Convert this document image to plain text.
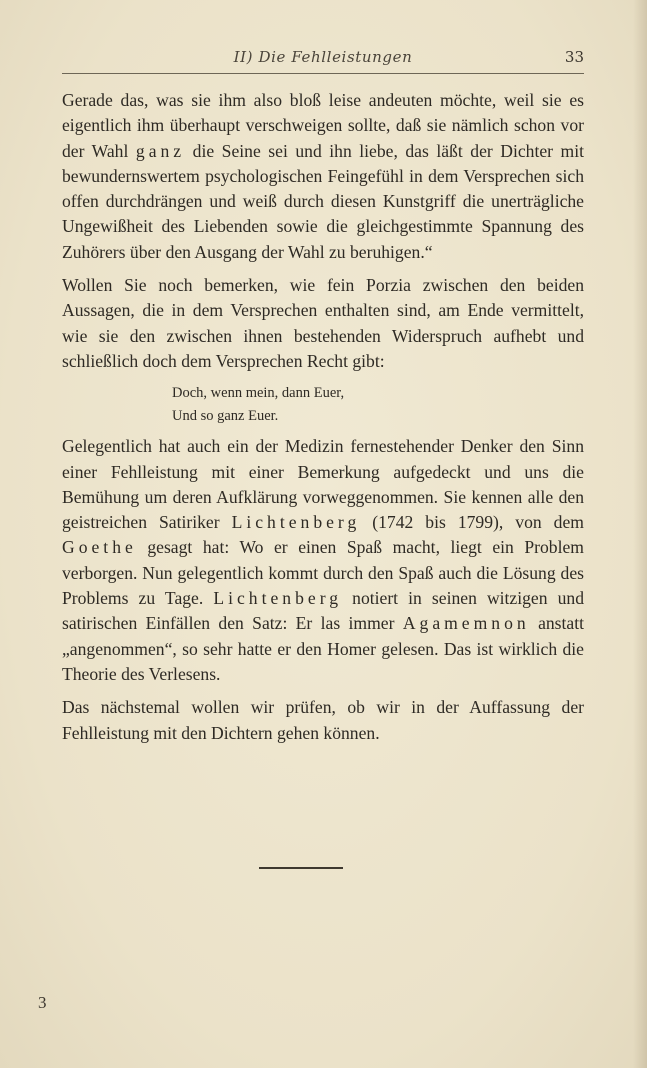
II) Die Fehlleistungen	33

Gerade das, was sie ihm also bloß leise andeuten möchte, weil sie es eigentlich ihm überhaupt verschweigen sollte, daß sie nämlich schon vor der Wahl ganz die Seine sei und ihn liebe, das läßt der Dichter mit bewundernswertem psychologischen Feingefühl in dem Versprechen sich offen durchdrängen und weiß durch diesen Kunstgriff die unerträgliche Ungewißheit des Liebenden sowie die gleichgestimmte Spannung des Zuhörers über den Ausgang der Wahl zu beruhigen.“

Wollen Sie noch bemerken, wie fein Porzia zwischen den beiden Aussagen, die in dem Versprechen enthalten sind, am Ende vermittelt, wie sie den zwischen ihnen bestehenden Widerspruch aufhebt und schließlich doch dem Versprechen Recht gibt:

Doch, wenn mein, dann Euer,
Und so ganz Euer.

Gelegentlich hat auch ein der Medizin fernestehender Denker den Sinn einer Fehlleistung mit einer Bemerkung aufgedeckt und uns die Bemühung um deren Aufklärung vorweggenommen. Sie kennen alle den geistreichen Satiriker Lichtenberg (1742 bis 1799), von dem Goethe gesagt hat: Wo er einen Spaß macht, liegt ein Problem verborgen. Nun gelegentlich kommt durch den Spaß auch die Lösung des Problems zu Tage. Lichtenberg notiert in seinen witzigen und satirischen Einfällen den Satz: Er las immer Agamemnon anstatt „angenommen“, so sehr hatte er den Homer gelesen. Das ist wirklich die Theorie des Verlesens.

Das nächstemal wollen wir prüfen, ob wir in der Auffassung der Fehlleistung mit den Dichtern gehen können.

3
